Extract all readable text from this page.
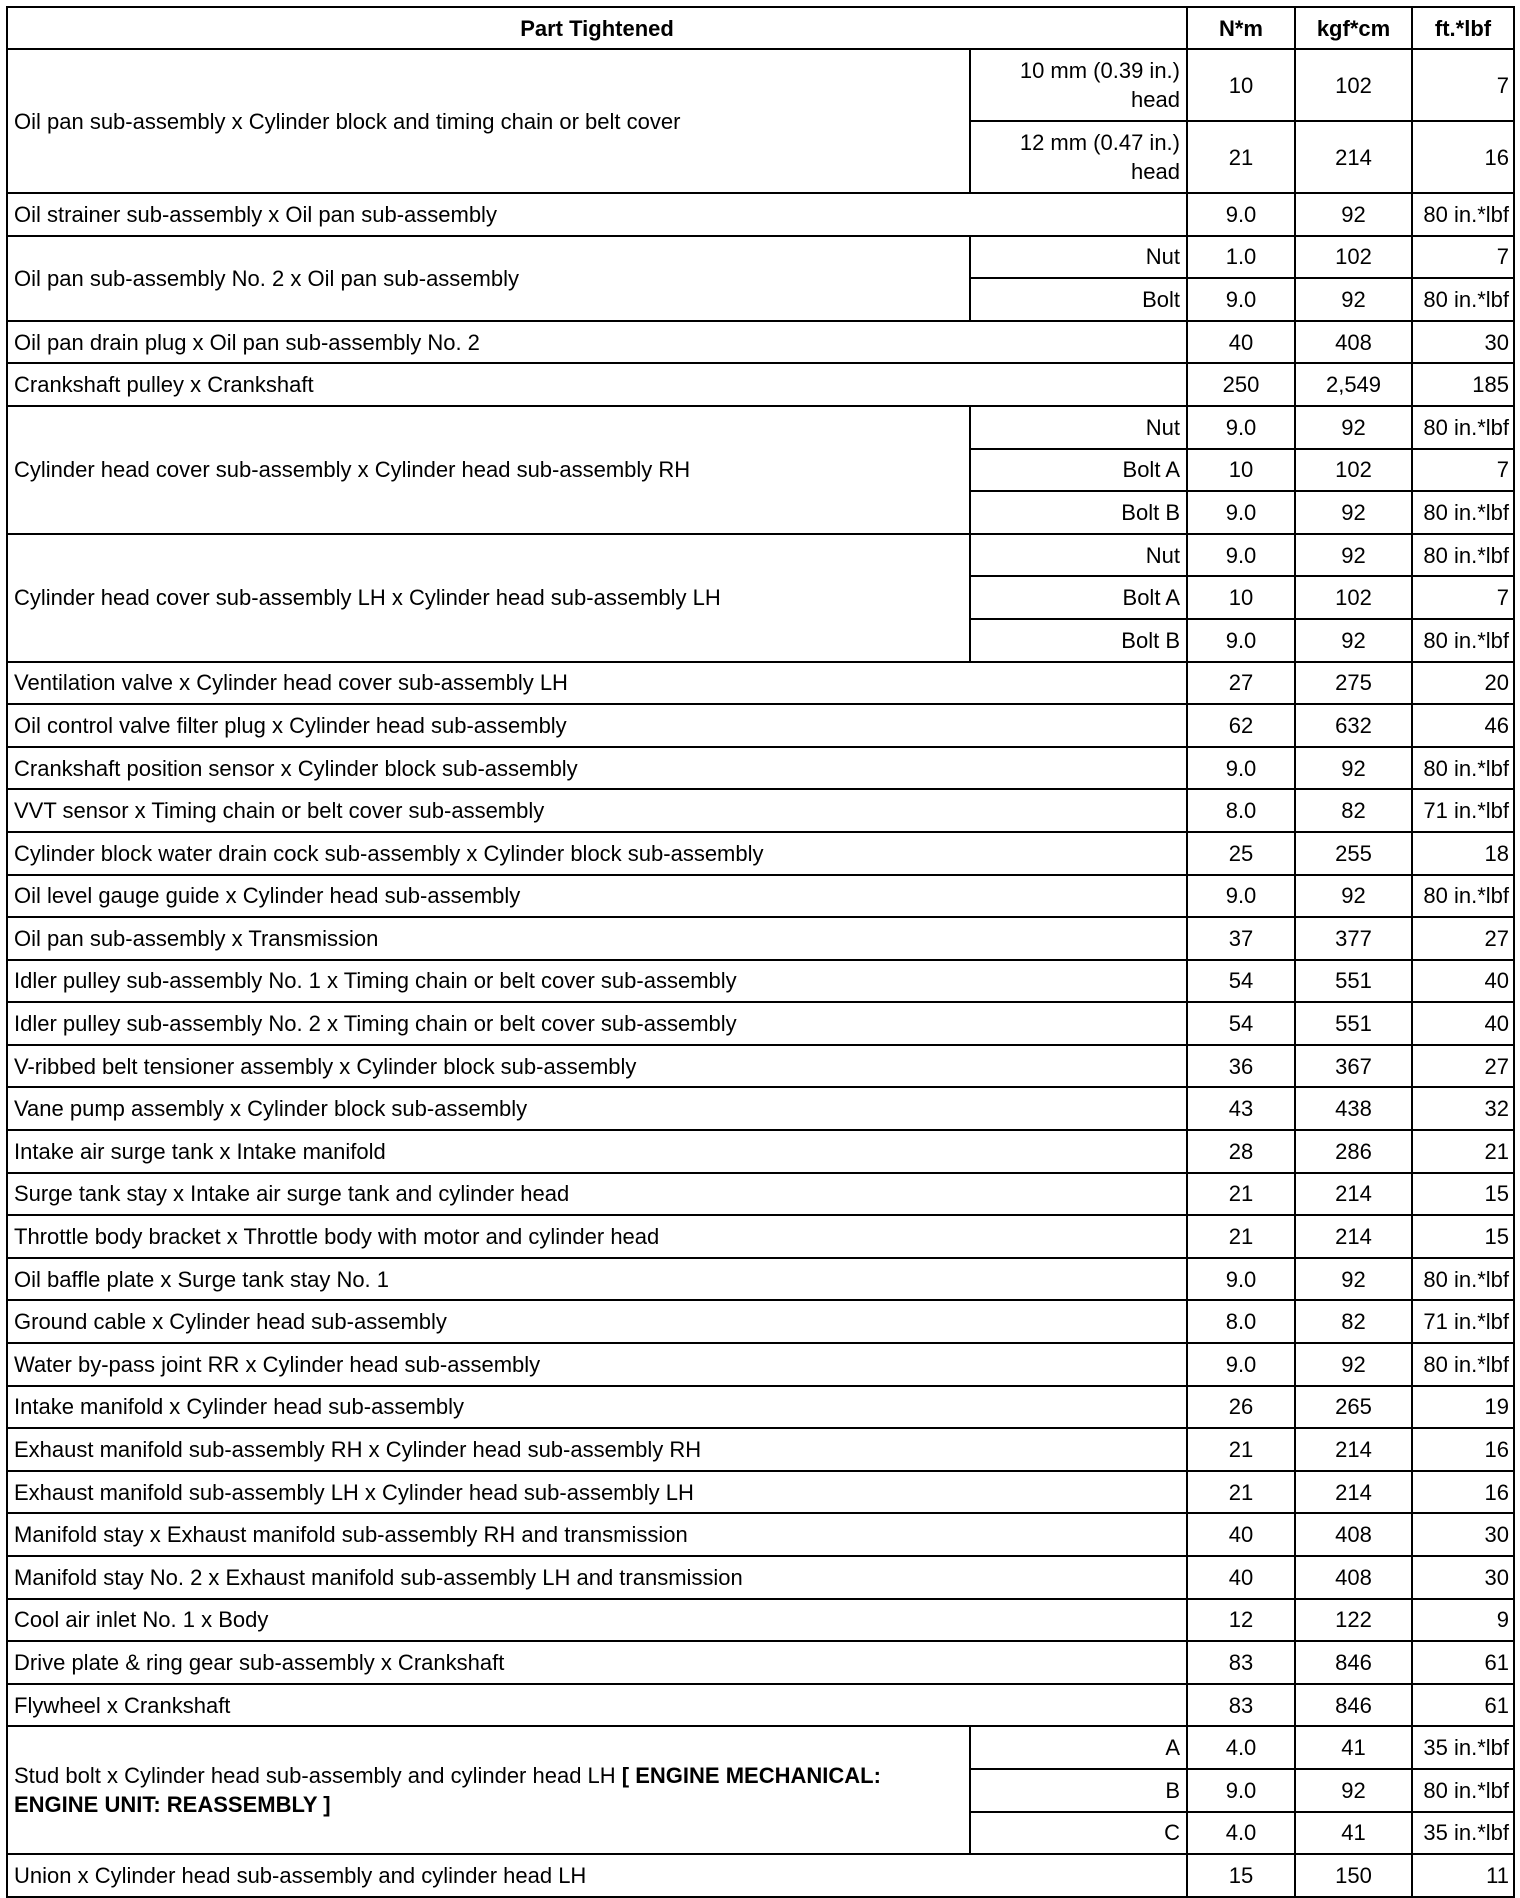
Part Tightened		N*m	kgf*cm	ft.*lbf
Oil pan sub-assembly x Cylinder block and timing chain or belt cover	10 mm (0.39 in.) head	10	102	7
	12 mm (0.47 in.) head	21	214	16
Oil strainer sub-assembly x Oil pan sub-assembly		9.0	92	80 in.*lbf
Oil pan sub-assembly No. 2 x Oil pan sub-assembly	Nut	1.0	102	7
	Bolt	9.0	92	80 in.*lbf
Oil pan drain plug x Oil pan sub-assembly No. 2		40	408	30
Crankshaft pulley x Crankshaft		250	2,549	185
Cylinder head cover sub-assembly x Cylinder head sub-assembly RH	Nut	9.0	92	80 in.*lbf
	Bolt A	10	102	7
	Bolt B	9.0	92	80 in.*lbf
Cylinder head cover sub-assembly LH x Cylinder head sub-assembly LH	Nut	9.0	92	80 in.*lbf
	Bolt A	10	102	7
	Bolt B	9.0	92	80 in.*lbf
Ventilation valve x Cylinder head cover sub-assembly LH		27	275	20
Oil control valve filter plug x Cylinder head sub-assembly		62	632	46
Crankshaft position sensor x Cylinder block sub-assembly		9.0	92	80 in.*lbf
VVT sensor x Timing chain or belt cover sub-assembly		8.0	82	71 in.*lbf
Cylinder block water drain cock sub-assembly x Cylinder block sub-assembly		25	255	18
Oil level gauge guide x Cylinder head sub-assembly		9.0	92	80 in.*lbf
Oil pan sub-assembly x Transmission		37	377	27
Idler pulley sub-assembly No. 1 x Timing chain or belt cover sub-assembly		54	551	40
Idler pulley sub-assembly No. 2 x Timing chain or belt cover sub-assembly		54	551	40
V-ribbed belt tensioner assembly x Cylinder block sub-assembly		36	367	27
Vane pump assembly x Cylinder block sub-assembly		43	438	32
Intake air surge tank x Intake manifold		28	286	21
Surge tank stay x Intake air surge tank and cylinder head		21	214	15
Throttle body bracket x Throttle body with motor and cylinder head		21	214	15
Oil baffle plate x Surge tank stay No. 1		9.0	92	80 in.*lbf
Ground cable x Cylinder head sub-assembly		8.0	82	71 in.*lbf
Water by-pass joint RR x Cylinder head sub-assembly		9.0	92	80 in.*lbf
Intake manifold x Cylinder head sub-assembly		26	265	19
Exhaust manifold sub-assembly RH x Cylinder head sub-assembly RH		21	214	16
Exhaust manifold sub-assembly LH x Cylinder head sub-assembly LH		21	214	16
Manifold stay x Exhaust manifold sub-assembly RH and transmission		40	408	30
Manifold stay No. 2 x Exhaust manifold sub-assembly LH and transmission		40	408	30
Cool air inlet No. 1 x Body		12	122	9
Drive plate & ring gear sub-assembly x Crankshaft		83	846	61
Flywheel x Crankshaft		83	846	61
Stud bolt x Cylinder head sub-assembly and cylinder head LH [ ENGINE MECHANICAL: ENGINE UNIT: REASSEMBLY ]	A	4.0	41	35 in.*lbf
	B	9.0	92	80 in.*lbf
	C	4.0	41	35 in.*lbf
Union x Cylinder head sub-assembly and cylinder head LH		15	150	11
